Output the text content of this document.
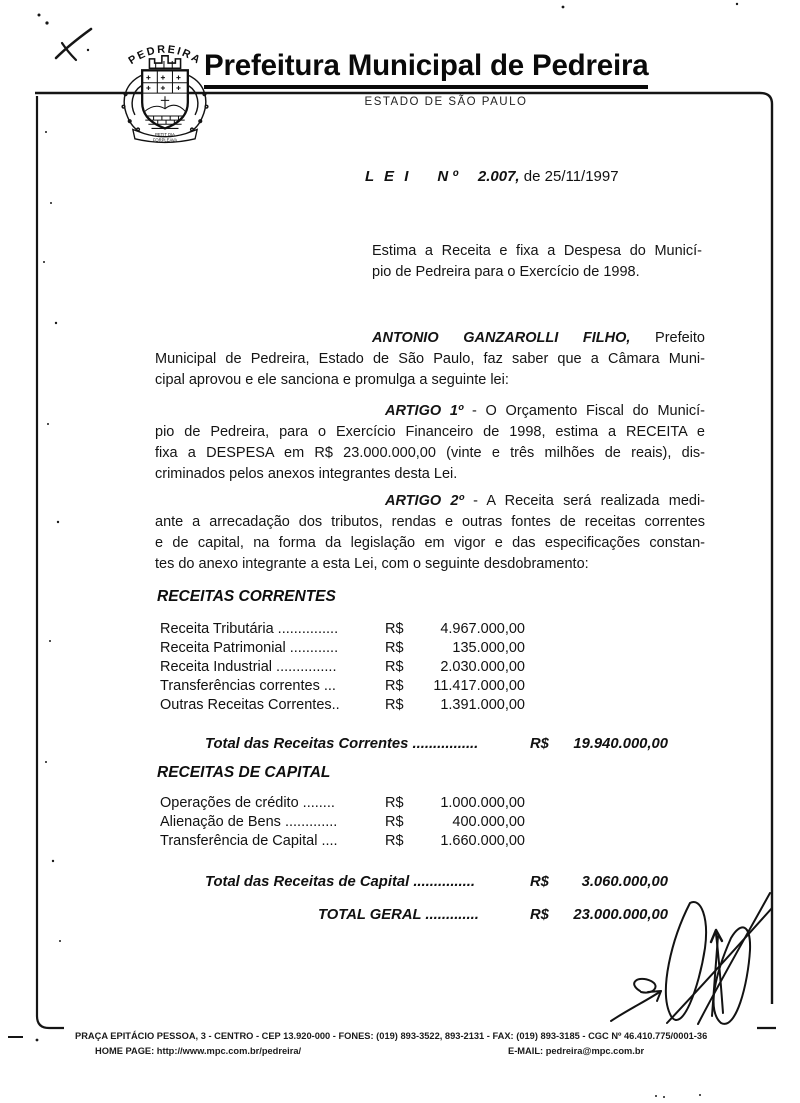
Prefeitura Municipal de Pedreira
ESTADO DE SÃO PAULO
L E I N º 2.007, de 25/11/1997
Estima a Receita e fixa a Despesa do Municí-
pio de Pedreira para o Exercício de 1998.
ANTONIO GANZAROLLI FILHO, Prefeito
Municipal de Pedreira, Estado de São Paulo, faz saber que a Câmara Muni-
cipal aprovou e ele sanciona e promulga a seguinte lei:
ARTIGO 1º - O Orçamento Fiscal do Municí-
pio de Pedreira, para o Exercício Financeiro de 1998, estima a RECEITA e
fixa a DESPESA em R$ 23.000.000,00 (vinte e três milhões de reais), dis-
criminados pelos anexos integrantes desta Lei.
ARTIGO 2º - A Receita será realizada medi-
ante a arrecadação dos tributos, rendas e outras fontes de receitas correntes
e de capital, na forma da legislação em vigor e das especificações constan-
tes do anexo integrante a esta Lei, com o seguinte desdobramento:
RECEITAS CORRENTES
Receita Tributária ...............	R$	4.967.000,00
Receita Patrimonial ............	R$	135.000,00
Receita Industrial ...............	R$	2.030.000,00
Transferências correntes ...	R$	11.417.000,00
Outras Receitas Correntes..	R$	1.391.000,00
Total das Receitas Correntes ................	R$	19.940.000,00
RECEITAS DE CAPITAL
Operações de crédito ........	R$	1.000.000,00
Alienação de Bens .............	R$	400.000,00
Transferência de Capital ....	R$	1.660.000,00
Total das Receitas de Capital ...............	R$	3.060.000,00
TOTAL GERAL .............	R$	23.000.000,00
PRAÇA EPITÁCIO PESSOA, 3 - CENTRO - CEP 13.920-000 - FONES: (019) 893-3522, 893-2131 - FAX: (019) 893-3185 - CGC Nº 46.410.775/0001-36
HOME PAGE: http://www.mpc.com.br/pedreira/	E-MAIL: pedreira@mpc.com.br
PEDREIRA
PETIT DIA
FORPLEAVA
